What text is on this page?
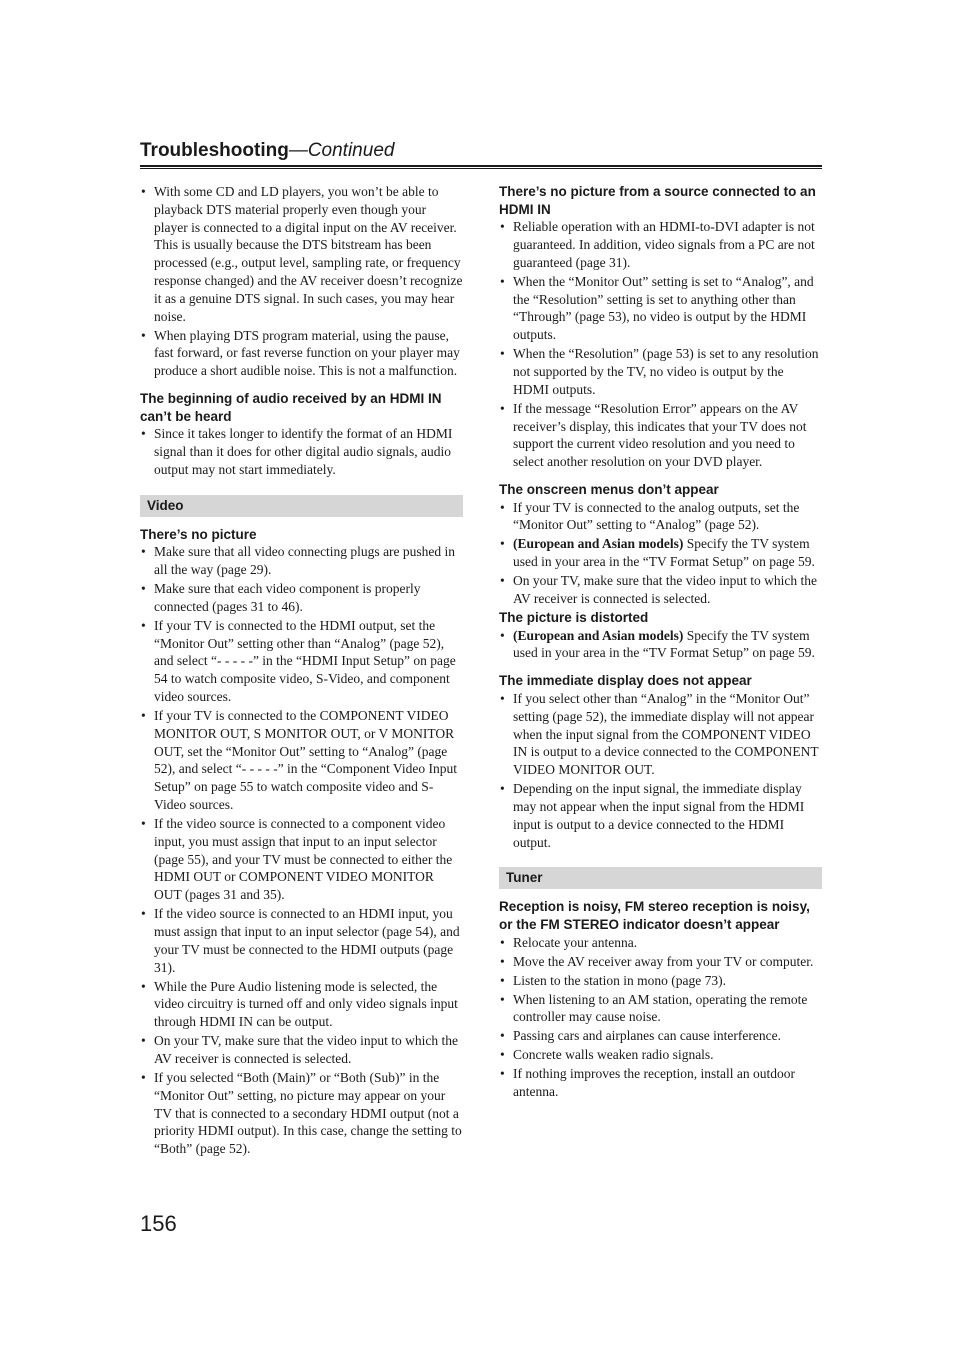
Troubleshooting—Continued
• With some CD and LD players, you won’t be able to playback DTS material properly even though your player is connected to a digital input on the AV receiver. This is usually because the DTS bitstream has been processed (e.g., output level, sampling rate, or frequency response changed) and the AV receiver doesn’t recognize it as a genuine DTS signal. In such cases, you may hear noise.
• When playing DTS program material, using the pause, fast forward, or fast reverse function on your player may produce a short audible noise. This is not a malfunction.

The beginning of audio received by an HDMI IN can’t be heard

• Since it takes longer to identify the format of an HDMI signal than it does for other digital audio signals, audio output may not start immediately.
Video

There’s no picture

• Make sure that all video connecting plugs are pushed in all the way (page 29).
• Make sure that each video component is properly connected (pages 31 to 46).
• If your TV is connected to the HDMI output, set the “Monitor Out” setting other than “Analog” (page 52), and select “- - - - -” in the “HDMI Input Setup” on page 54 to watch composite video, S-Video, and component video sources.
• If your TV is connected to the COMPONENT VIDEO MONITOR OUT, S MONITOR OUT, or V MONITOR OUT, set the “Monitor Out” setting to “Analog” (page 52), and select “- - - - -” in the “Component Video Input Setup” on page 55 to watch composite video and S-Video sources.
• If the video source is connected to a component video input, you must assign that input to an input selector (page 55), and your TV must be connected to either the HDMI OUT or COMPONENT VIDEO MONITOR OUT (pages 31 and 35).
• If the video source is connected to an HDMI input, you must assign that input to an input selector (page 54), and your TV must be connected to the HDMI outputs (page 31).
• While the Pure Audio listening mode is selected, the video circuitry is turned off and only video signals input through HDMI IN can be output.
• On your TV, make sure that the video input to which the AV receiver is connected is selected.
• If you selected “Both (Main)” or “Both (Sub)” in the “Monitor Out” setting, no picture may appear on your TV that is connected to a secondary HDMI output (not a priority HDMI output). In this case, change the setting to “Both” (page 52).

There’s no picture from a source connected to an HDMI IN

• Reliable operation with an HDMI-to-DVI adapter is not guaranteed. In addition, video signals from a PC are not guaranteed (page 31).
• When the “Monitor Out” setting is set to “Analog”, and the “Resolution” setting is set to anything other than “Through” (page 53), no video is output by the HDMI outputs.
• When the “Resolution” (page 53) is set to any resolution not supported by the TV, no video is output by the HDMI outputs.
• If the message “Resolution Error” appears on the AV receiver’s display, this indicates that your TV does not support the current video resolution and you need to select another resolution on your DVD player.

The onscreen menus don’t appear

• If your TV is connected to the analog outputs, set the “Monitor Out” setting to “Analog” (page 52).
• (European and Asian models) Specify the TV system used in your area in the “TV Format Setup” on page 59.
• On your TV, make sure that the video input to which the AV receiver is connected is selected.

The picture is distorted

• (European and Asian models) Specify the TV system used in your area in the “TV Format Setup” on page 59.

The immediate display does not appear

• If you select other than “Analog” in the “Monitor Out” setting (page 52), the immediate display will not appear when the input signal from the COMPONENT VIDEO IN is output to a device connected to the COMPONENT VIDEO MONITOR OUT.
• Depending on the input signal, the immediate display may not appear when the input signal from the HDMI input is output to a device connected to the HDMI output.
Tuner

Reception is noisy, FM stereo reception is noisy, or the FM STEREO indicator doesn’t appear

• Relocate your antenna.
• Move the AV receiver away from your TV or computer.
• Listen to the station in mono (page 73).
• When listening to an AM station, operating the remote controller may cause noise.
• Passing cars and airplanes can cause interference.
• Concrete walls weaken radio signals.
• If nothing improves the reception, install an outdoor antenna.
156
